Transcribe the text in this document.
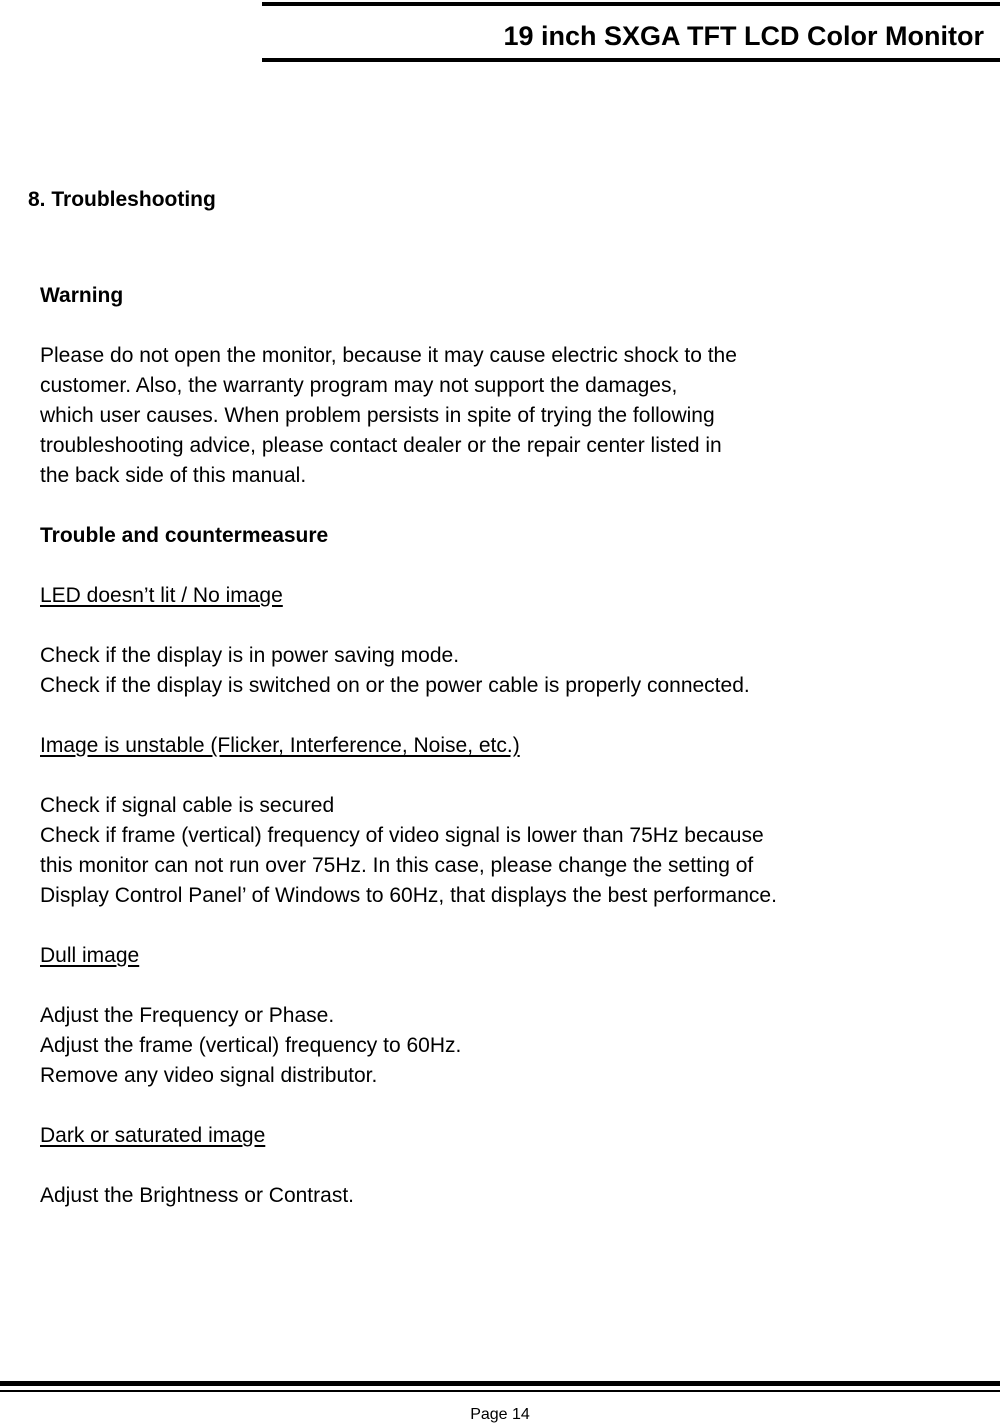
19 inch SXGA TFT LCD Color Monitor
8. Troubleshooting
Warning
Please do not open the monitor, because it may cause electric shock to the
customer. Also, the warranty program may not support the damages,
which user causes. When problem persists in spite of trying the following
troubleshooting advice, please contact dealer or the repair center listed in
the back side of this manual.
Trouble and countermeasure
LED doesn’t lit / No image
Check if the display is in power saving mode.
Check if the display is switched on or the power cable is properly connected.
Image is unstable (Flicker, Interference, Noise, etc.)
Check if signal cable is secured
Check if frame (vertical) frequency of video signal is lower than 75Hz because
this monitor can not run over 75Hz. In this case, please change the setting of
Display Control Panel’ of Windows to 60Hz, that displays the best performance.
Dull image
Adjust the Frequency or Phase.
Adjust the frame (vertical) frequency to 60Hz.
Remove any video signal distributor.
Dark or saturated image
Adjust the Brightness or Contrast.
Page 14
